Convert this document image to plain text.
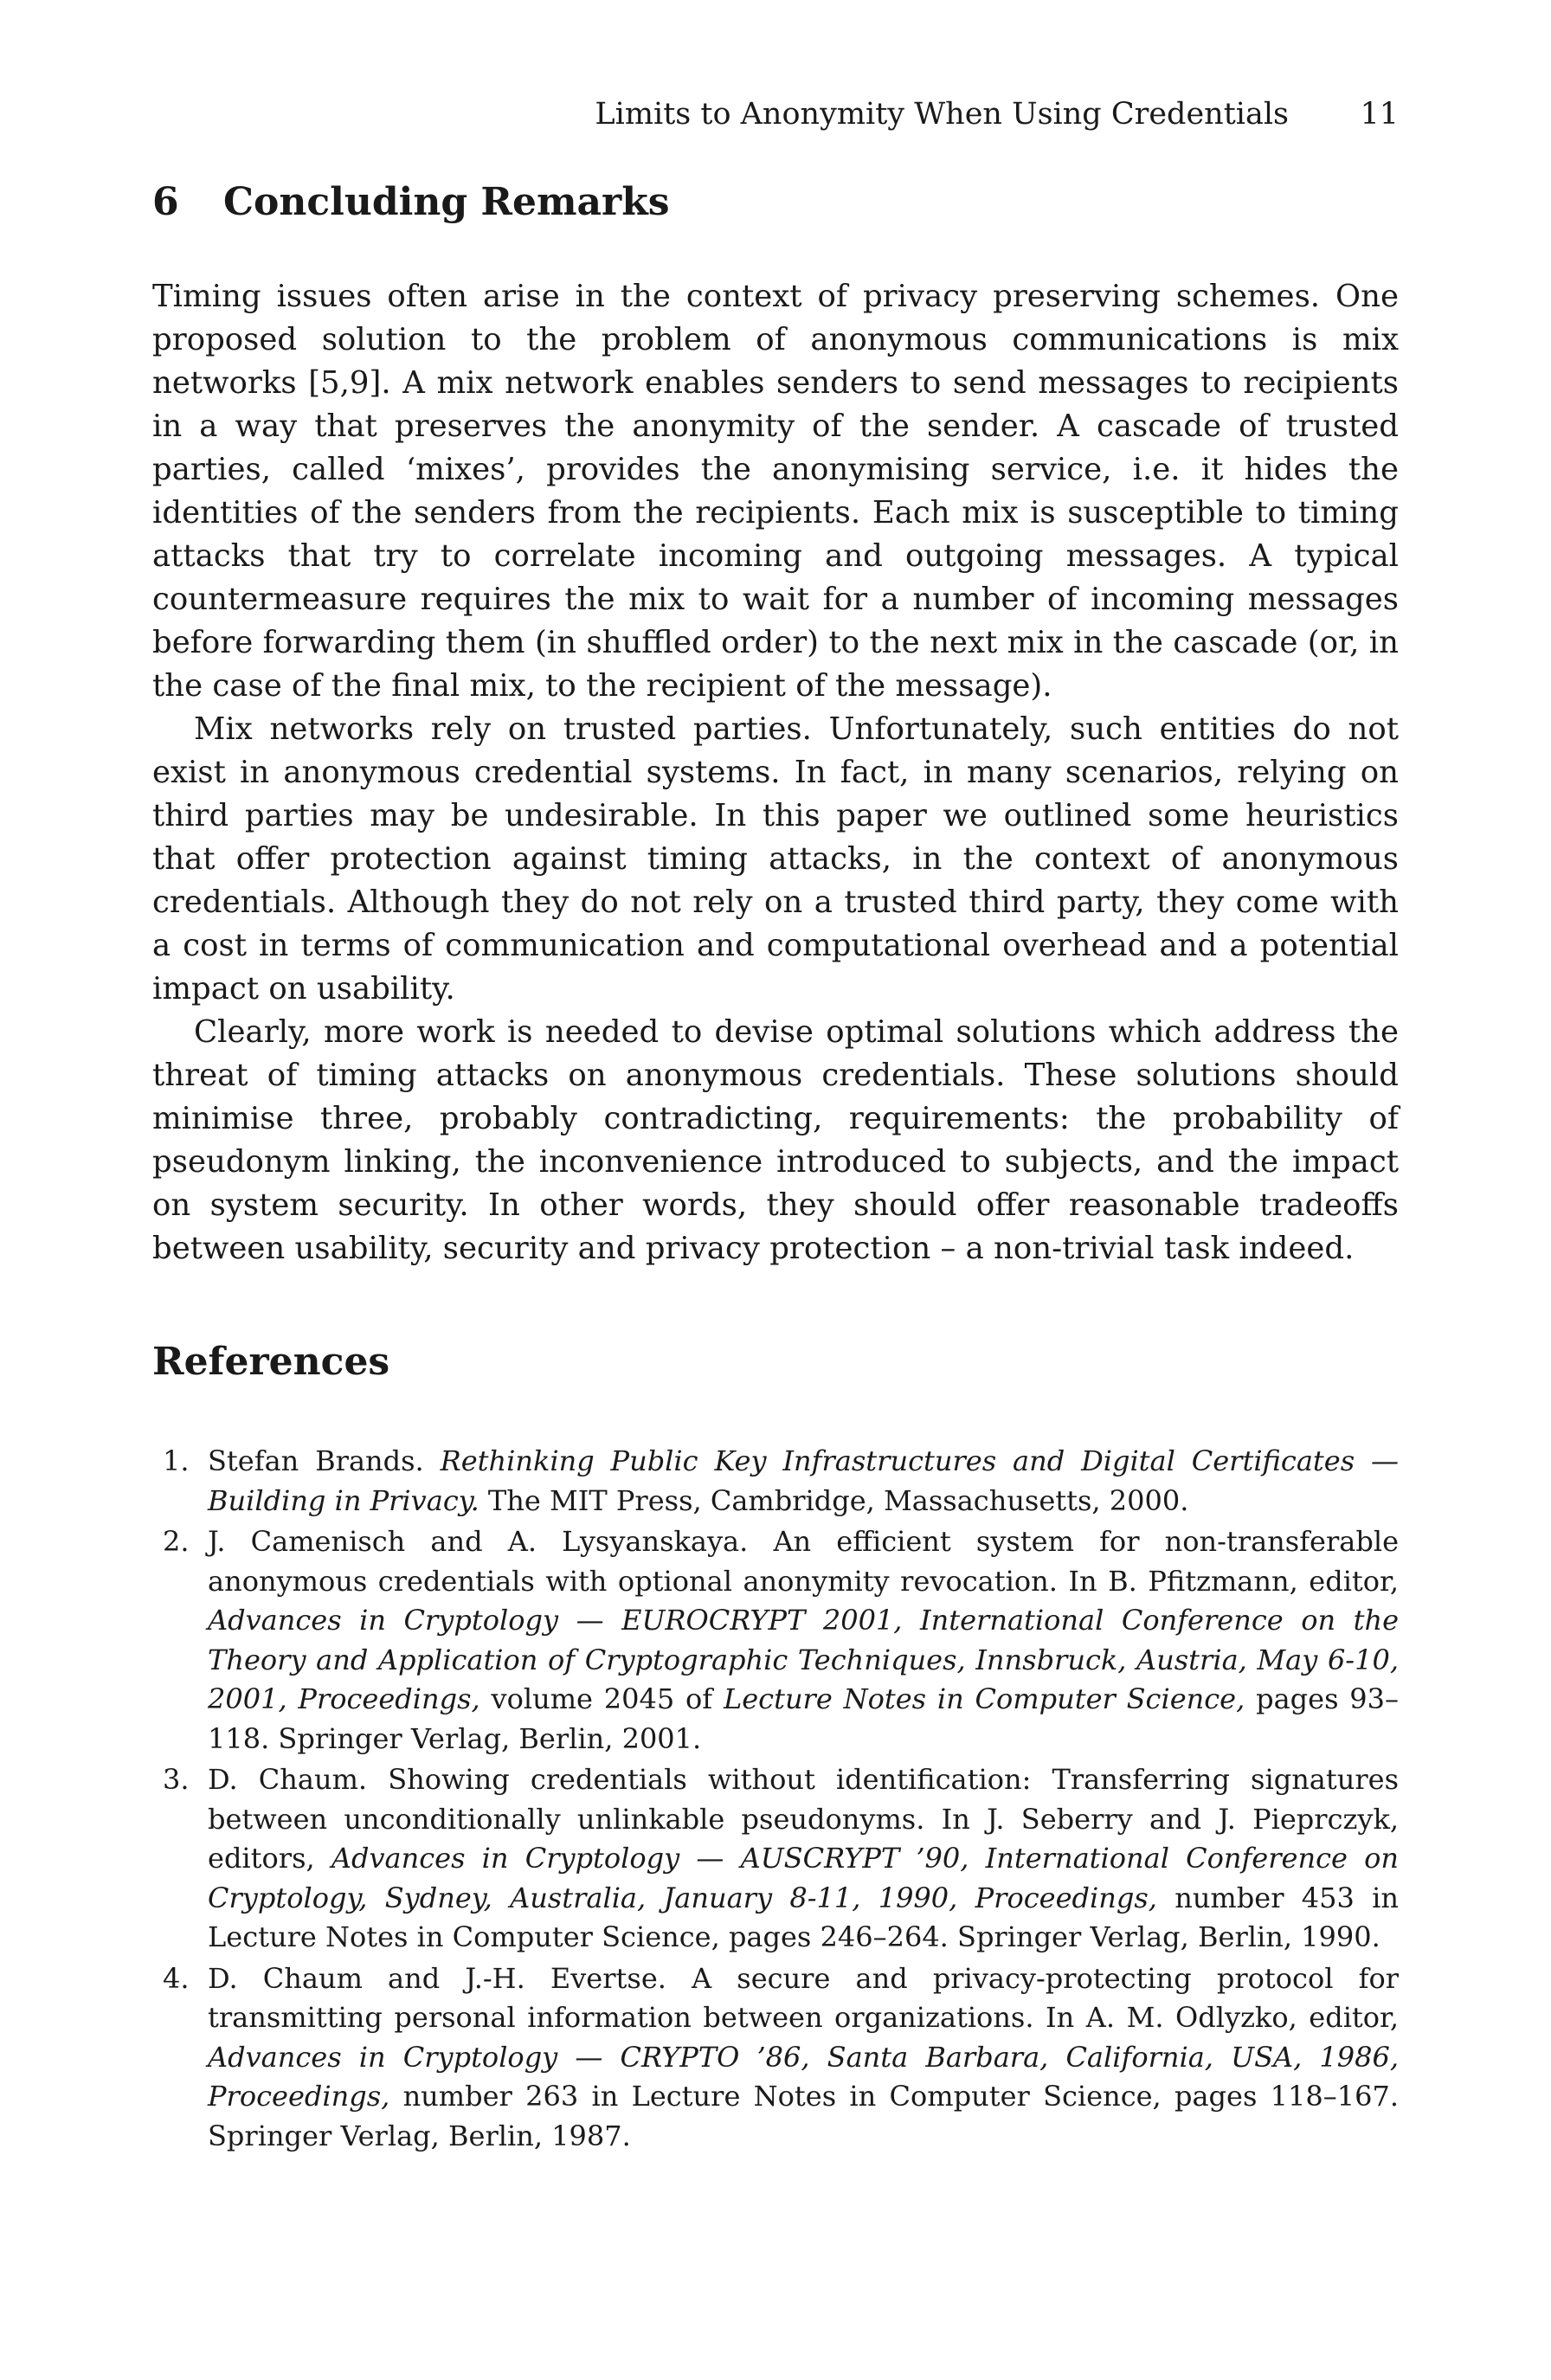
Limits to Anonymity When Using Credentials 11
6 Concluding Remarks

Timing issues often arise in the context of privacy preserving schemes. One proposed solution to the problem of anonymous communications is mix networks [5,9]. A mix network enables senders to send messages to recipients in a way that preserves the anonymity of the sender. A cascade of trusted parties, called ‘mixes’, provides the anonymising service, i.e. it hides the identities of the senders from the recipients. Each mix is susceptible to timing attacks that try to correlate incoming and outgoing messages. A typical countermeasure requires the mix to wait for a number of incoming messages before forwarding them (in shuffled order) to the next mix in the cascade (or, in the case of the final mix, to the recipient of the message).

Mix networks rely on trusted parties. Unfortunately, such entities do not exist in anonymous credential systems. In fact, in many scenarios, relying on third parties may be undesirable. In this paper we outlined some heuristics that offer protection against timing attacks, in the context of anonymous credentials. Although they do not rely on a trusted third party, they come with a cost in terms of communication and computational overhead and a potential impact on usability.

Clearly, more work is needed to devise optimal solutions which address the threat of timing attacks on anonymous credentials. These solutions should minimise three, probably contradicting, requirements: the probability of pseudonym linking, the inconvenience introduced to subjects, and the impact on system security. In other words, they should offer reasonable tradeoffs between usability, security and privacy protection – a non-trivial task indeed.

References
1. Stefan Brands. Rethinking Public Key Infrastructures and Digital Certificates — Building in Privacy. The MIT Press, Cambridge, Massachusetts, 2000.
2. J. Camenisch and A. Lysyanskaya. An efficient system for non-transferable anonymous credentials with optional anonymity revocation. In B. Pfitzmann, editor, Advances in Cryptology — EUROCRYPT 2001, International Conference on the Theory and Application of Cryptographic Techniques, Innsbruck, Austria, May 6-10, 2001, Proceedings, volume 2045 of Lecture Notes in Computer Science, pages 93–118. Springer Verlag, Berlin, 2001.
3. D. Chaum. Showing credentials without identification: Transferring signatures between unconditionally unlinkable pseudonyms. In J. Seberry and J. Pieprczyk, editors, Advances in Cryptology — AUSCRYPT ’90, International Conference on Cryptology, Sydney, Australia, January 8-11, 1990, Proceedings, number 453 in Lecture Notes in Computer Science, pages 246–264. Springer Verlag, Berlin, 1990.
4. D. Chaum and J.-H. Evertse. A secure and privacy-protecting protocol for transmitting personal information between organizations. In A. M. Odlyzko, editor, Advances in Cryptology — CRYPTO ’86, Santa Barbara, California, USA, 1986, Proceedings, number 263 in Lecture Notes in Computer Science, pages 118–167. Springer Verlag, Berlin, 1987.
